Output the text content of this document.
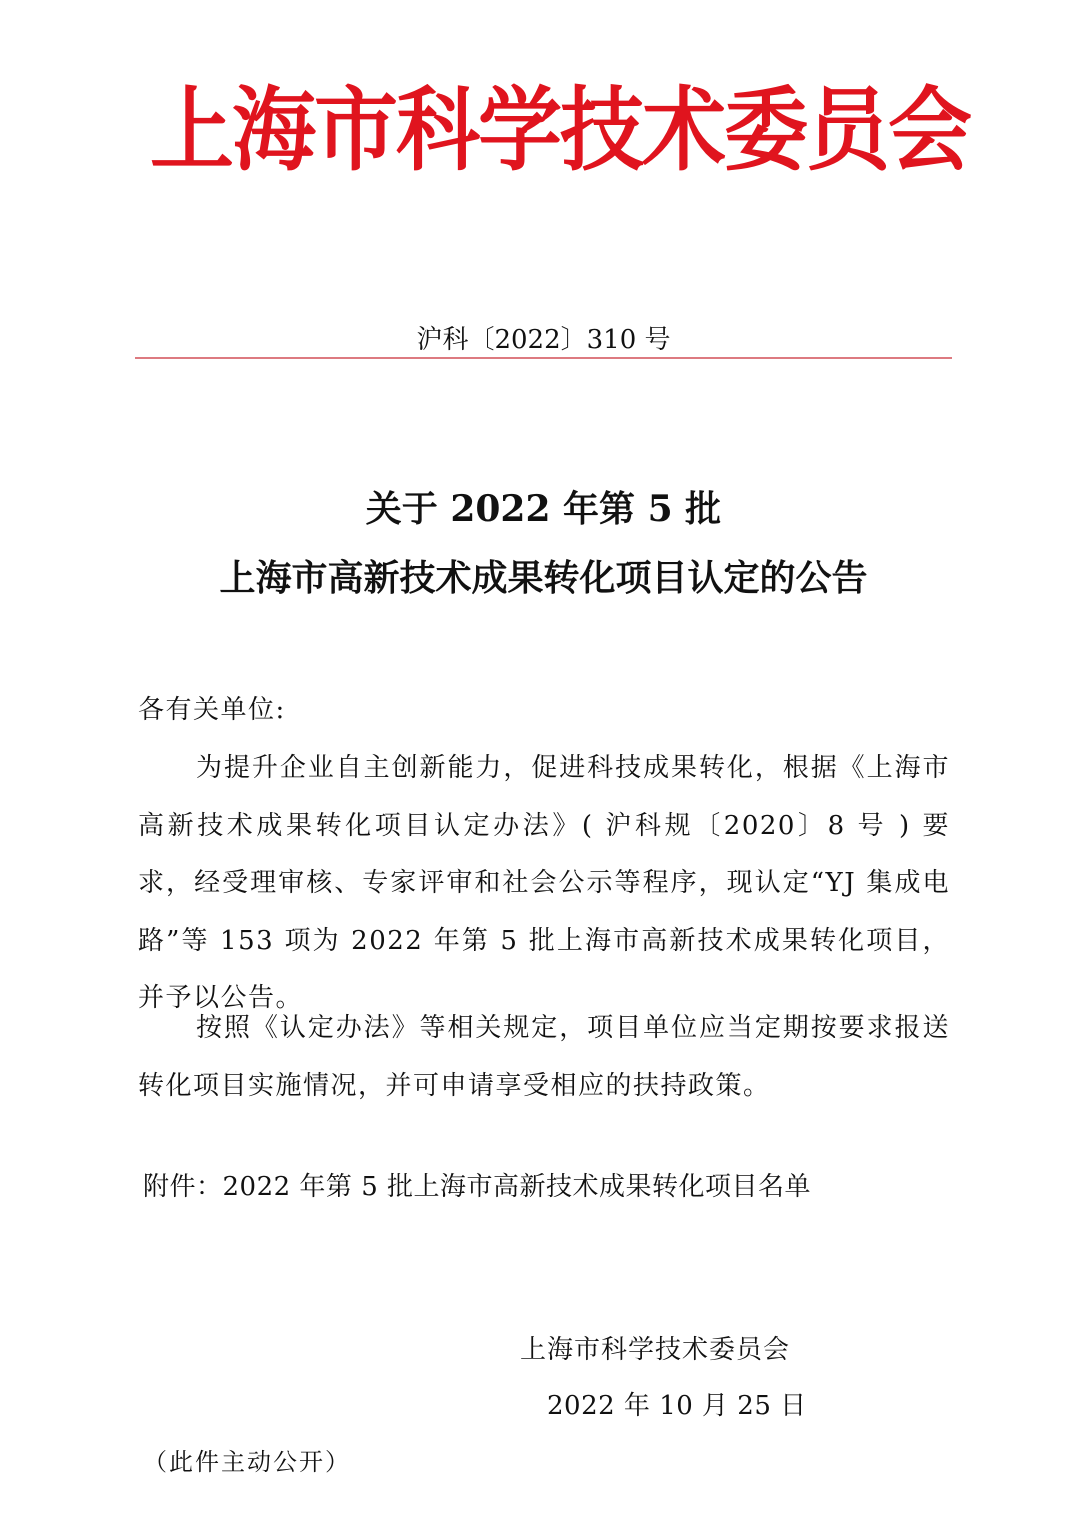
上海市科学技术委员会
沪科〔2022〕310 号
关于 2022 年第 5 批
上海市高新技术成果转化项目认定的公告
各有关单位:
为提升企业自主创新能力，促进科技成果转化，根据《上海市高新技术成果转化项目认定办法》( 沪科规〔2020〕8 号 ) 要求，经受理审核、专家评审和社会公示等程序，现认定“YJ 集成电路”等 153 项为 2022 年第 5 批上海市高新技术成果转化项目，并予以公告。
按照《认定办法》等相关规定，项目单位应当定期按要求报送转化项目实施情况，并可申请享受相应的扶持政策。
附件：2022 年第 5 批上海市高新技术成果转化项目名单
上海市科学技术委员会
2022 年 10 月 25 日
（此件主动公开）
